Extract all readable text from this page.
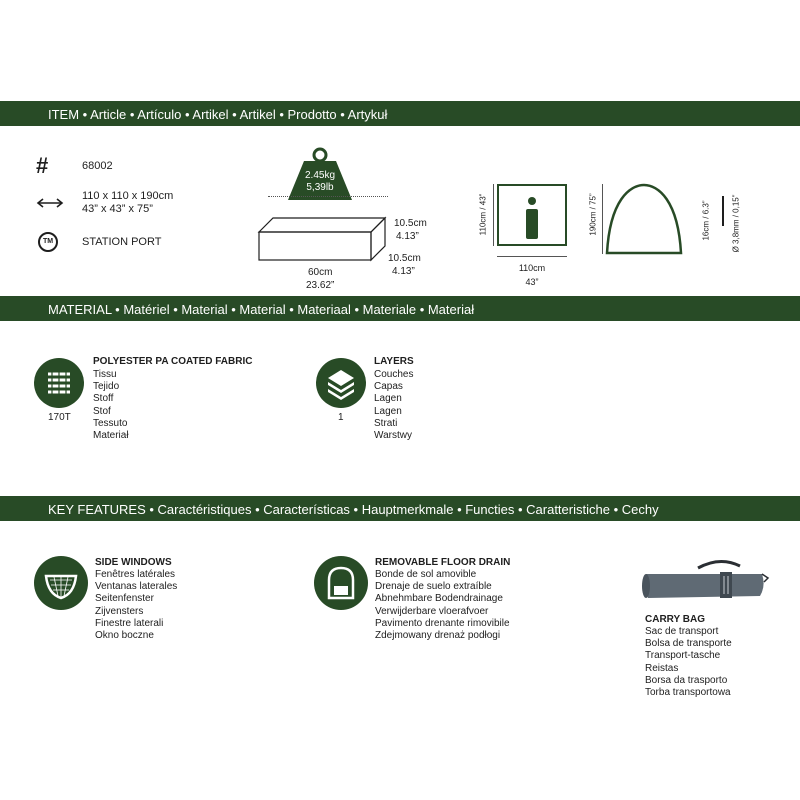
ITEM • Article • Artículo • Artikel • Artikel • Prodotto • Artykuł
#	68002
110 x 110 x 190cm
43” x 43” x 75”
TM	STATION PORT
2.45kg
5,39lb
10.5cm
4.13”
10.5cm
4.13”
60cm
23.62”
110cm / 43”
110cm
43”
190cm / 75”	16cm / 6.3”	Ø 3,8mm / 0,15”
MATERIAL • Matériel • Material • Material • Materiaal • Materiale • Materiał
170T
POLYESTER PA COATED FABRIC
Tissu
Tejido
Stoff
Stof
Tessuto
Materiał
1
LAYERS
Couches
Capas
Lagen
Lagen
Strati
Warstwy
KEY FEATURES • Caractéristiques • Características • Hauptmerkmale • Functies • Caratteristiche • Cechy
SIDE WINDOWS
Fenêtres latérales
Ventanas laterales
Seitenfenster
Zijvensters
Finestre laterali
Okno boczne
REMOVABLE FLOOR DRAIN
Bonde de sol amovible
Drenaje de suelo extraíble
Abnehmbare Bodendrainage
Verwijderbare vloerafvoer
Pavimento drenante rimovibile
Zdejmowany drenaż podłogi
CARRY BAG
Sac de transport
Bolsa de transporte
Transport-tasche
Reistas
Borsa da trasporto
Torba transportowa
